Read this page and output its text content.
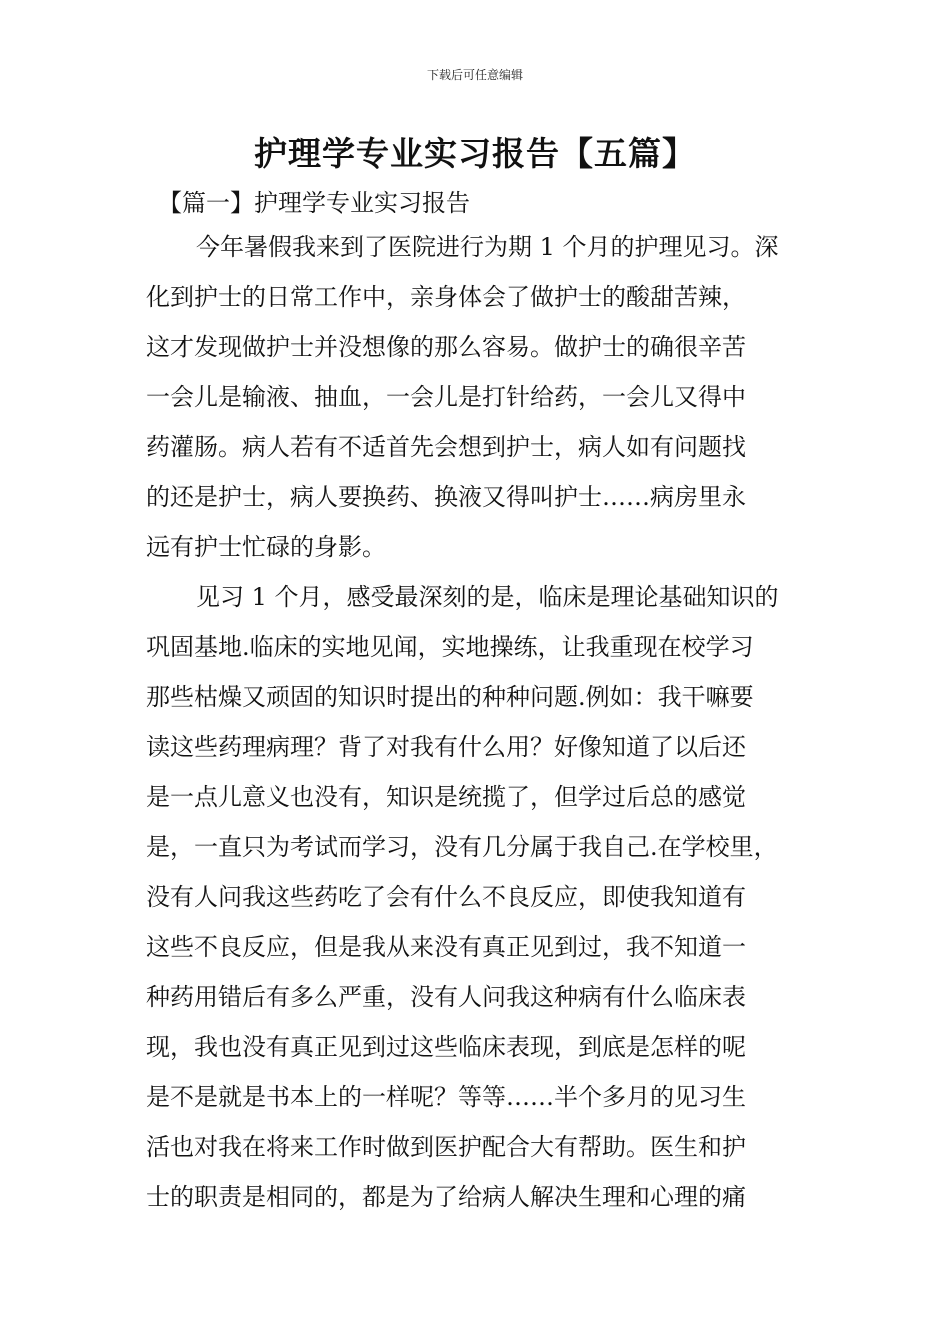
下载后可任意编辑
护理学专业实习报告【五篇】
【篇一】护理学专业实习报告
今年暑假我来到了医院进行为期 1 个月的护理见习。深
化到护士的日常工作中，亲身体会了做护士的酸甜苦辣，
这才发现做护士并没想像的那么容易。做护士的确很辛苦
一会儿是输液、抽血，一会儿是打针给药，一会儿又得中
药灌肠。病人若有不适首先会想到护士，病人如有问题找
的还是护士，病人要换药、换液又得叫护士……病房里永
远有护士忙碌的身影。
见习 1 个月，感受最深刻的是，临床是理论基础知识的
巩固基地.临床的实地见闻，实地操练，让我重现在校学习
那些枯燥又顽固的知识时提出的种种问题.例如：我干嘛要
读这些药理病理？背了对我有什么用？好像知道了以后还
是一点儿意义也没有，知识是统揽了，但学过后总的感觉
是，一直只为考试而学习，没有几分属于我自己.在学校里，
没有人问我这些药吃了会有什么不良反应，即使我知道有
这些不良反应，但是我从来没有真正见到过，我不知道一
种药用错后有多么严重，没有人问我这种病有什么临床表
现，我也没有真正见到过这些临床表现，到底是怎样的呢
是不是就是书本上的一样呢？等等……半个多月的见习生
活也对我在将来工作时做到医护配合大有帮助。医生和护
士的职责是相同的，都是为了给病人解决生理和心理的痛
